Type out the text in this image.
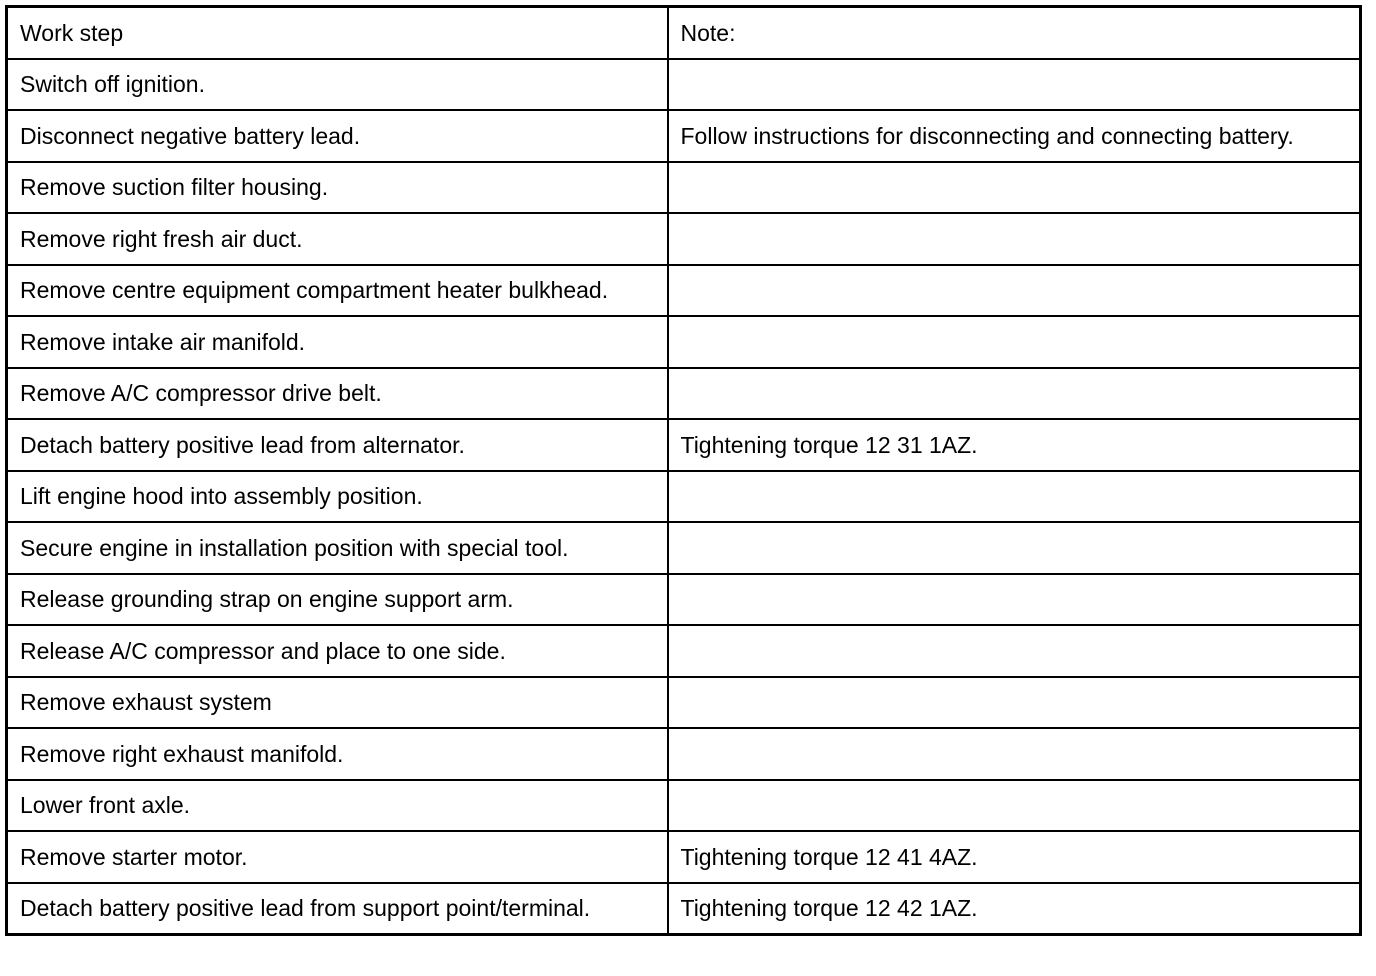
Work step	Note:
Switch off ignition.	
Disconnect negative battery lead.	Follow instructions for disconnecting and connecting battery.
Remove suction filter housing.	
Remove right fresh air duct.	
Remove centre equipment compartment heater bulkhead.	
Remove intake air manifold.	
Remove A/C compressor drive belt.	
Detach battery positive lead from alternator.	Tightening torque 12 31 1AZ.
Lift engine hood into assembly position.	
Secure engine in installation position with special tool.	
Release grounding strap on engine support arm.	
Release A/C compressor and place to one side.	
Remove exhaust system	
Remove right exhaust manifold.	
Lower front axle.	
Remove starter motor.	Tightening torque 12 41 4AZ.
Detach battery positive lead from support point/terminal.	Tightening torque 12 42 1AZ.
